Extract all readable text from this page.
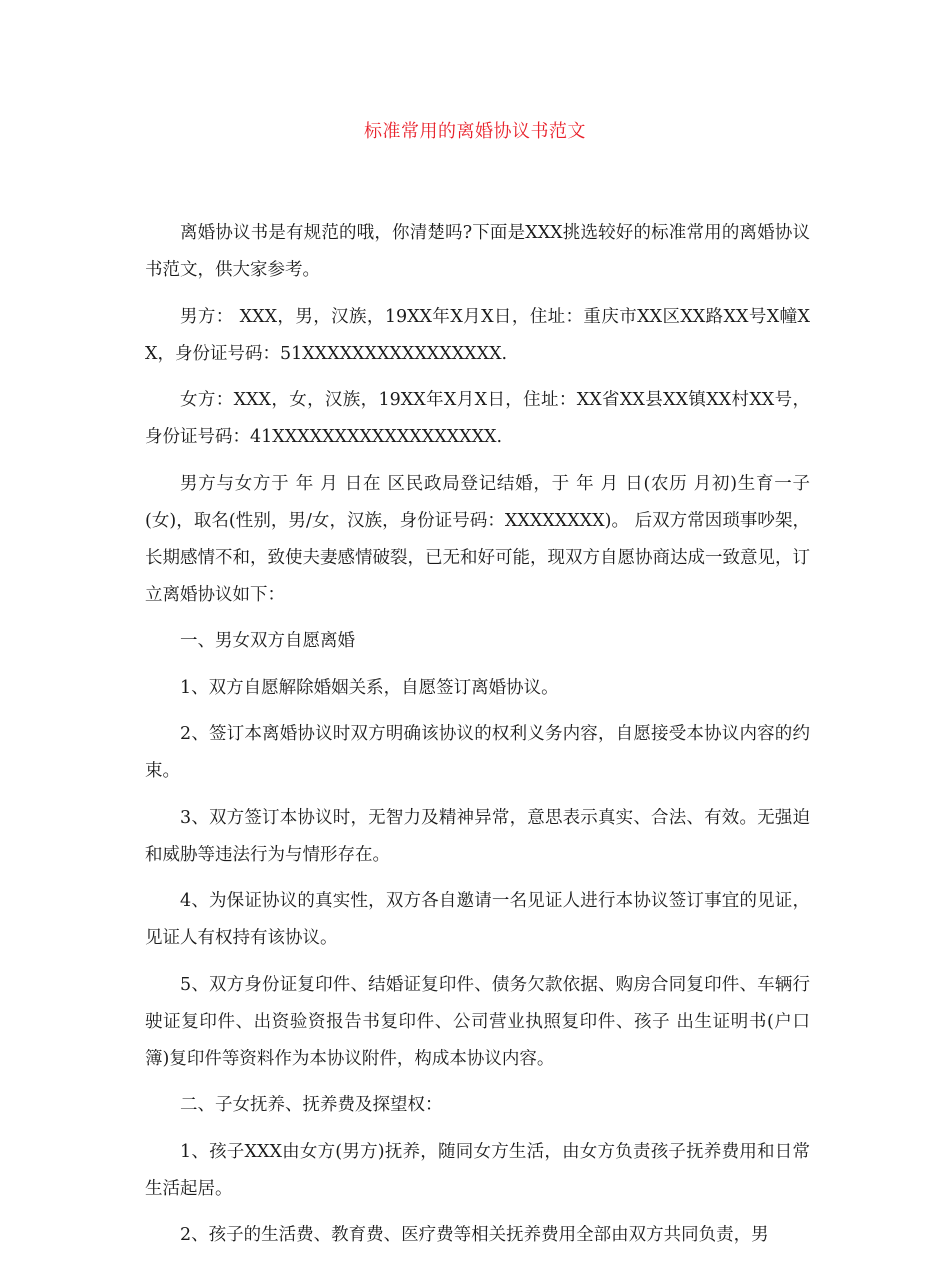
标准常用的离婚协议书范文

离婚协议书是有规范的哦，你清楚吗?下面是XXX挑选较好的标准常用的离婚协议书范文，供大家参考。

男方： XXX，男，汉族，19XX年X月X日，住址：重庆市XX区XX路XX号X幢XX，身份证号码：51XXXXXXXXXXXXXXXX.

女方：XXX，女，汉族，19XX年X月X日，住址：XX省XX县XX镇XX村XX号，身份证号码：41XXXXXXXXXXXXXXXXXX.

男方与女方于 年 月 日在 区民政局登记结婚，于 年 月 日(农历 月初)生育一子(女)，取名(性别，男/女，汉族，身份证号码：XXXXXXXX)。 后双方常因琐事吵架，长期感情不和，致使夫妻感情破裂，已无和好可能，现双方自愿协商达成一致意见，订立离婚协议如下：

一、男女双方自愿离婚

1、双方自愿解除婚姻关系，自愿签订离婚协议。

2、签订本离婚协议时双方明确该协议的权利义务内容，自愿接受本协议内容的约束。

3、双方签订本协议时，无智力及精神异常，意思表示真实、合法、有效。无强迫和威胁等违法行为与情形存在。

4、为保证协议的真实性，双方各自邀请一名见证人进行本协议签订事宜的见证，见证人有权持有该协议。

5、双方身份证复印件、结婚证复印件、债务欠款依据、购房合同复印件、车辆行驶证复印件、出资验资报告书复印件、公司营业执照复印件、孩子 出生证明书(户口簿)复印件等资料作为本协议附件，构成本协议内容。

二、子女抚养、抚养费及探望权：

1、孩子XXX由女方(男方)抚养，随同女方生活，由女方负责孩子抚养费用和日常生活起居。

2、孩子的生活费、教育费、医疗费等相关抚养费用全部由双方共同负责，男
